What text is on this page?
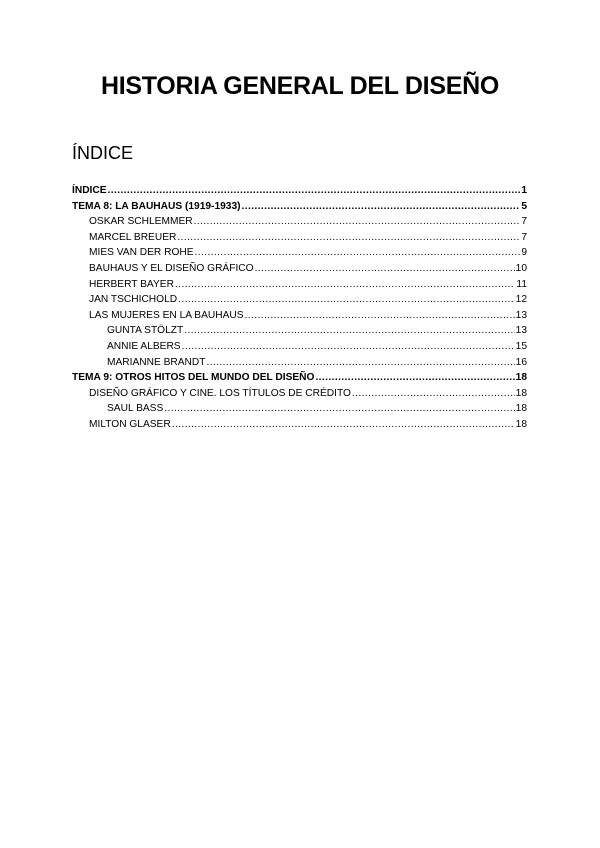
HISTORIA GENERAL DEL DISEÑO
ÍNDICE
ÍNDICE .....	1
TEMA 8: LA BAUHAUS (1919-1933) .....	5
OSKAR SCHLEMMER .....	7
MARCEL BREUER .....	7
MIES VAN DER ROHE .....	9
BAUHAUS Y EL DISEÑO GRÁFICO .....	10
HERBERT BAYER .....	11
JAN TSCHICHOLD .....	12
LAS MUJERES EN LA BAUHAUS .....	13
GUNTA STÖLZT .....	13
ANNIE ALBERS .....	15
MARIANNE BRANDT .....	16
TEMA 9: OTROS HITOS DEL MUNDO DEL DISEÑO .....	18
DISEÑO GRÁFICO Y CINE. LOS TÍTULOS DE CRÉDITO .....	18
SAUL BASS .....	18
MILTON GLASER .....	18
